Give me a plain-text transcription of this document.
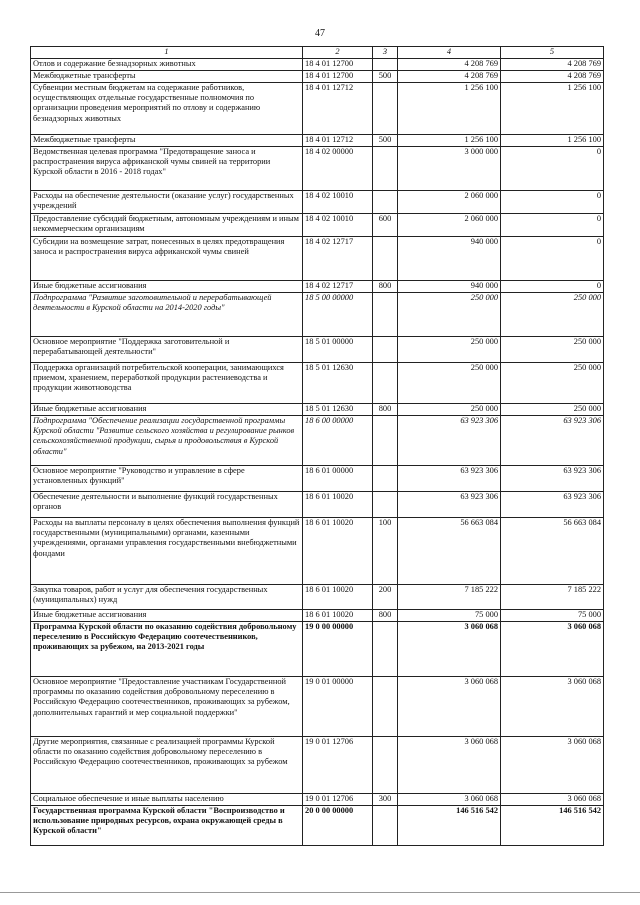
47
1	2	3	4	5
Отлов и содержание безнадзорных животных	18 4 01 12700		4 208 769	4 208 769
Межбюджетные трансферты	18 4 01 12700	500	4 208 769	4 208 769
Субвенции местным бюджетам на содержание работников, осуществляющих отдельные государственные полномочия по организации проведения мероприятий по отлову и содержанию безнадзорных животных	18 4 01 12712		1 256 100	1 256 100
Межбюджетные трансферты	18 4 01 12712	500	1 256 100	1 256 100
Ведомственная целевая программа "Предотвращение заноса и распространения вируса африканской чумы свиней на территории Курской области в 2016 - 2018 годах"	18 4 02 00000		3 000 000	0
Расходы на обеспечение деятельности (оказание услуг) государственных учреждений	18 4 02 10010		2 060 000	0
Предоставление субсидий бюджетным, автономным учреждениям и иным некоммерческим организациям	18 4 02 10010	600	2 060 000	0
Субсидии на возмещение затрат, понесенных в целях предотвращения заноса и распространения вируса африканской чумы свиней	18 4 02 12717		940 000	0
Иные бюджетные ассигнования	18 4 02 12717	800	940 000	0
Подпрограмма "Развитие заготовительной и перерабатывающей деятельности в Курской области на 2014-2020 годы"	18 5 00 00000		250 000	250 000
Основное мероприятие "Поддержка заготовительной и перерабатывающей деятельности"	18 5 01 00000		250 000	250 000
Поддержка организаций потребительской кооперации, занимающихся приемом, хранением, переработкой продукции растениеводства и продукции животноводства	18 5 01 12630		250 000	250 000
Иные бюджетные ассигнования	18 5 01 12630	800	250 000	250 000
Подпрограмма "Обеспечение реализации государственной программы Курской области "Развитие сельского хозяйства и регулирование рынков сельскохозяйственной продукции, сырья и продовольствия в Курской области"	18 6 00 00000		63 923 306	63 923 306
Основное мероприятие "Руководство и управление в сфере установленных функций"	18 6 01 00000		63 923 306	63 923 306
Обеспечение деятельности и выполнение функций государственных органов	18 6 01 10020		63 923 306	63 923 306
Расходы на выплаты персоналу в целях обеспечения выполнения функций государственными (муниципальными) органами, казенными учреждениями, органами управления государственными внебюджетными фондами	18 6 01 10020	100	56 663 084	56 663 084
Закупка товаров, работ и услуг для обеспечения государственных (муниципальных) нужд	18 6 01 10020	200	7 185 222	7 185 222
Иные бюджетные ассигнования	18 6 01 10020	800	75 000	75 000
Программа Курской области по оказанию содействия добровольному переселению в Российскую Федерацию соотечественников, проживающих за рубежом, на 2013-2021 годы	19 0 00 00000		3 060 068	3 060 068
Основное мероприятие "Предоставление участникам Государственной программы по оказанию содействия добровольному переселению в Российскую Федерацию соотечественников, проживающих за рубежом, дополнительных гарантий и мер социальной поддержки"	19 0 01 00000		3 060 068	3 060 068
Другие мероприятия, связанные с реализацией программы Курской области по оказанию содействия добровольному переселению в Российскую Федерацию соотечественников, проживающих за рубежом	19 0 01 12706		3 060 068	3 060 068
Социальное обеспечение и иные выплаты населению	19 0 01 12706	300	3 060 068	3 060 068
Государственная программа Курской области "Воспроизводство и использование природных ресурсов, охрана окружающей среды в Курской области"	20 0 00 00000		146 516 542	146 516 542
